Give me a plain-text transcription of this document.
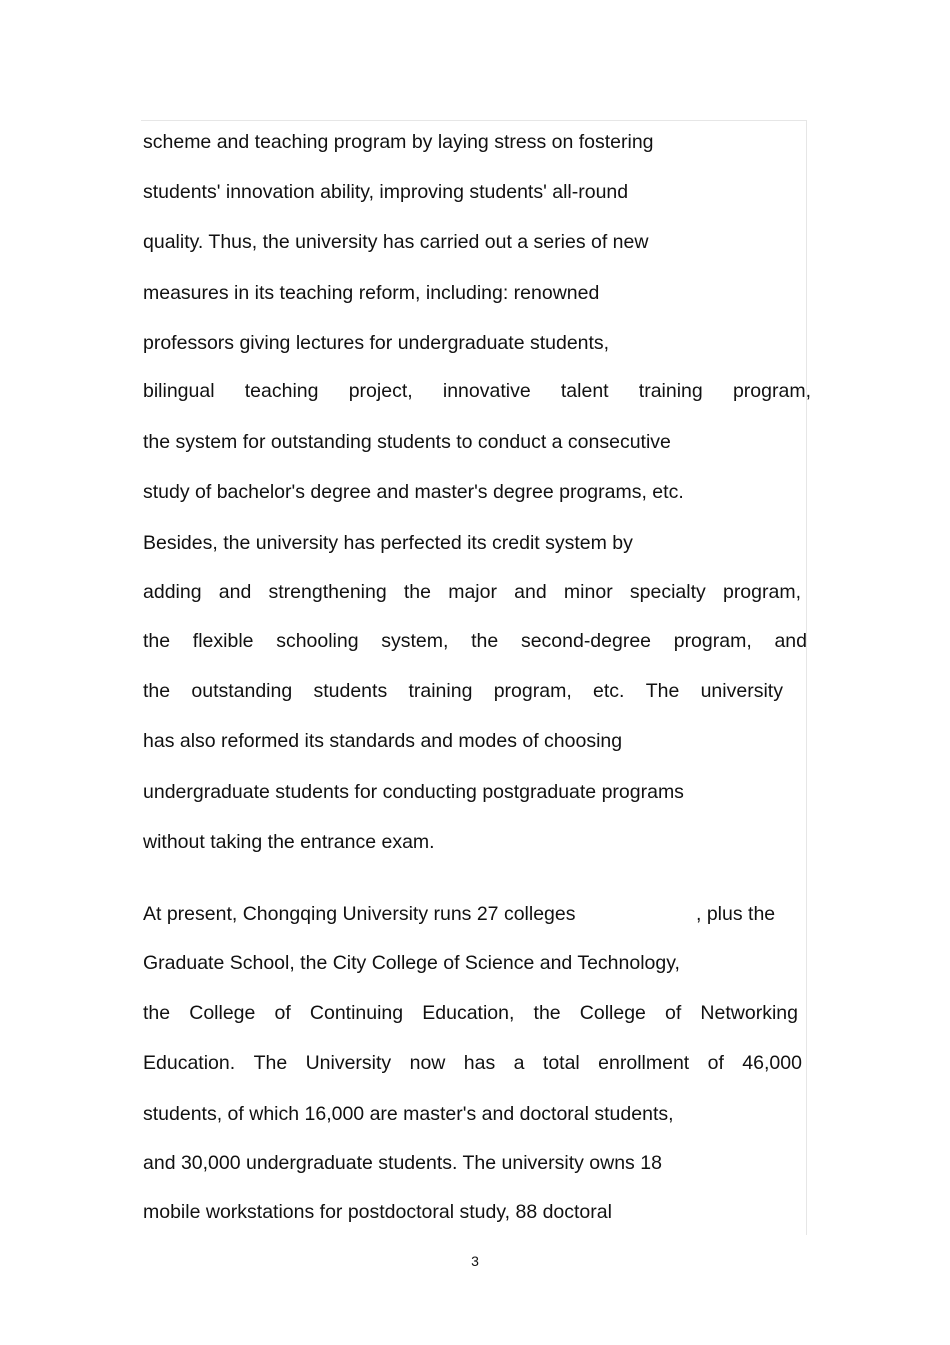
scheme and teaching program by laying stress on fostering
students' innovation ability, improving students' all-round
quality. Thus, the university has carried out a series of new
measures in its teaching reform, including: renowned
professors giving lectures for undergraduate students,
bilingual teaching project, innovative talent training program,
the system for outstanding students to conduct a consecutive
study of bachelor's degree and master's degree programs, etc.
Besides, the university has perfected its credit system by
adding and strengthening the major and minor specialty program,
the flexible schooling system, the second-degree program, and
the outstanding students training program, etc. The university
has also reformed its standards and modes of choosing
undergraduate students for conducting postgraduate programs
without taking the entrance exam.
At present, Chongqing University runs 27 colleges	, plus the
Graduate School, the City College of Science and Technology,
the College of Continuing Education, the College of Networking
Education. The University now has a total enrollment of 46,000
students, of which 16,000 are master's and doctoral students,
and 30,000 undergraduate students. The university owns 18
mobile workstations for postdoctoral study, 88 doctoral
3
